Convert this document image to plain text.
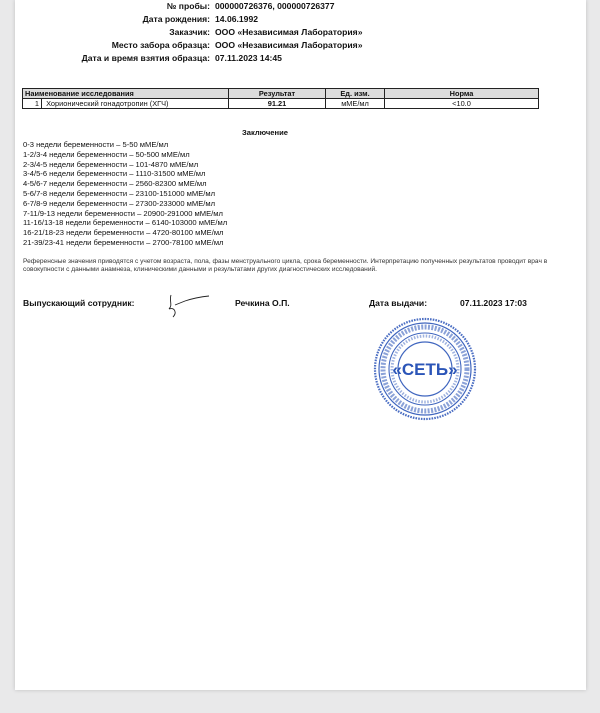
№ пробы: 000000726376, 000000726377
Дата рождения: 14.06.1992
Заказчик: ООО «Независимая Лаборатория»
Место забора образца: ООО «Независимая Лаборатория»
Дата и время взятия образца: 07.11.2023 14:45
Наименование исследования	Результат	Ед. изм.	Норма
1 Хорионический гонадотропин (ХГЧ)	91.21	мМЕ/мл	<10.0
Заключение
0-3 недели беременности – 5-50 мМЕ/мл
1-2/3-4 недели беременности – 50-500 мМЕ/мл
2-3/4-5 недели беременности – 101-4870 мМЕ/мл
3-4/5-6 недели беременности – 1110-31500 мМЕ/мл
4-5/6-7 недели беременности – 2560-82300 мМЕ/мл
5-6/7-8 недели беременности – 23100-151000 мМЕ/мл
6-7/8-9 недели беременности – 27300-233000 мМЕ/мл
7-11/9-13 недели беременности – 20900-291000 мМЕ/мл
11-16/13-18 недели беременности – 6140-103000 мМЕ/мл
16-21/18-23 недели беременности – 4720-80100 мМЕ/мл
21-39/23-41 недели беременности – 2700-78100 мМЕ/мл
Референсные значения приводятся с учетом возраста, пола, фазы менструального цикла, срока беременности. Интерпретацию полученных результатов проводит врач в совокупности с данными анамнеза, клиническими данными и результатами других диагностических исследований.
Выпускающий сотрудник:	Речкина О.П.	Дата выдачи:	07.11.2023 17:03
«СЕТЬ»
